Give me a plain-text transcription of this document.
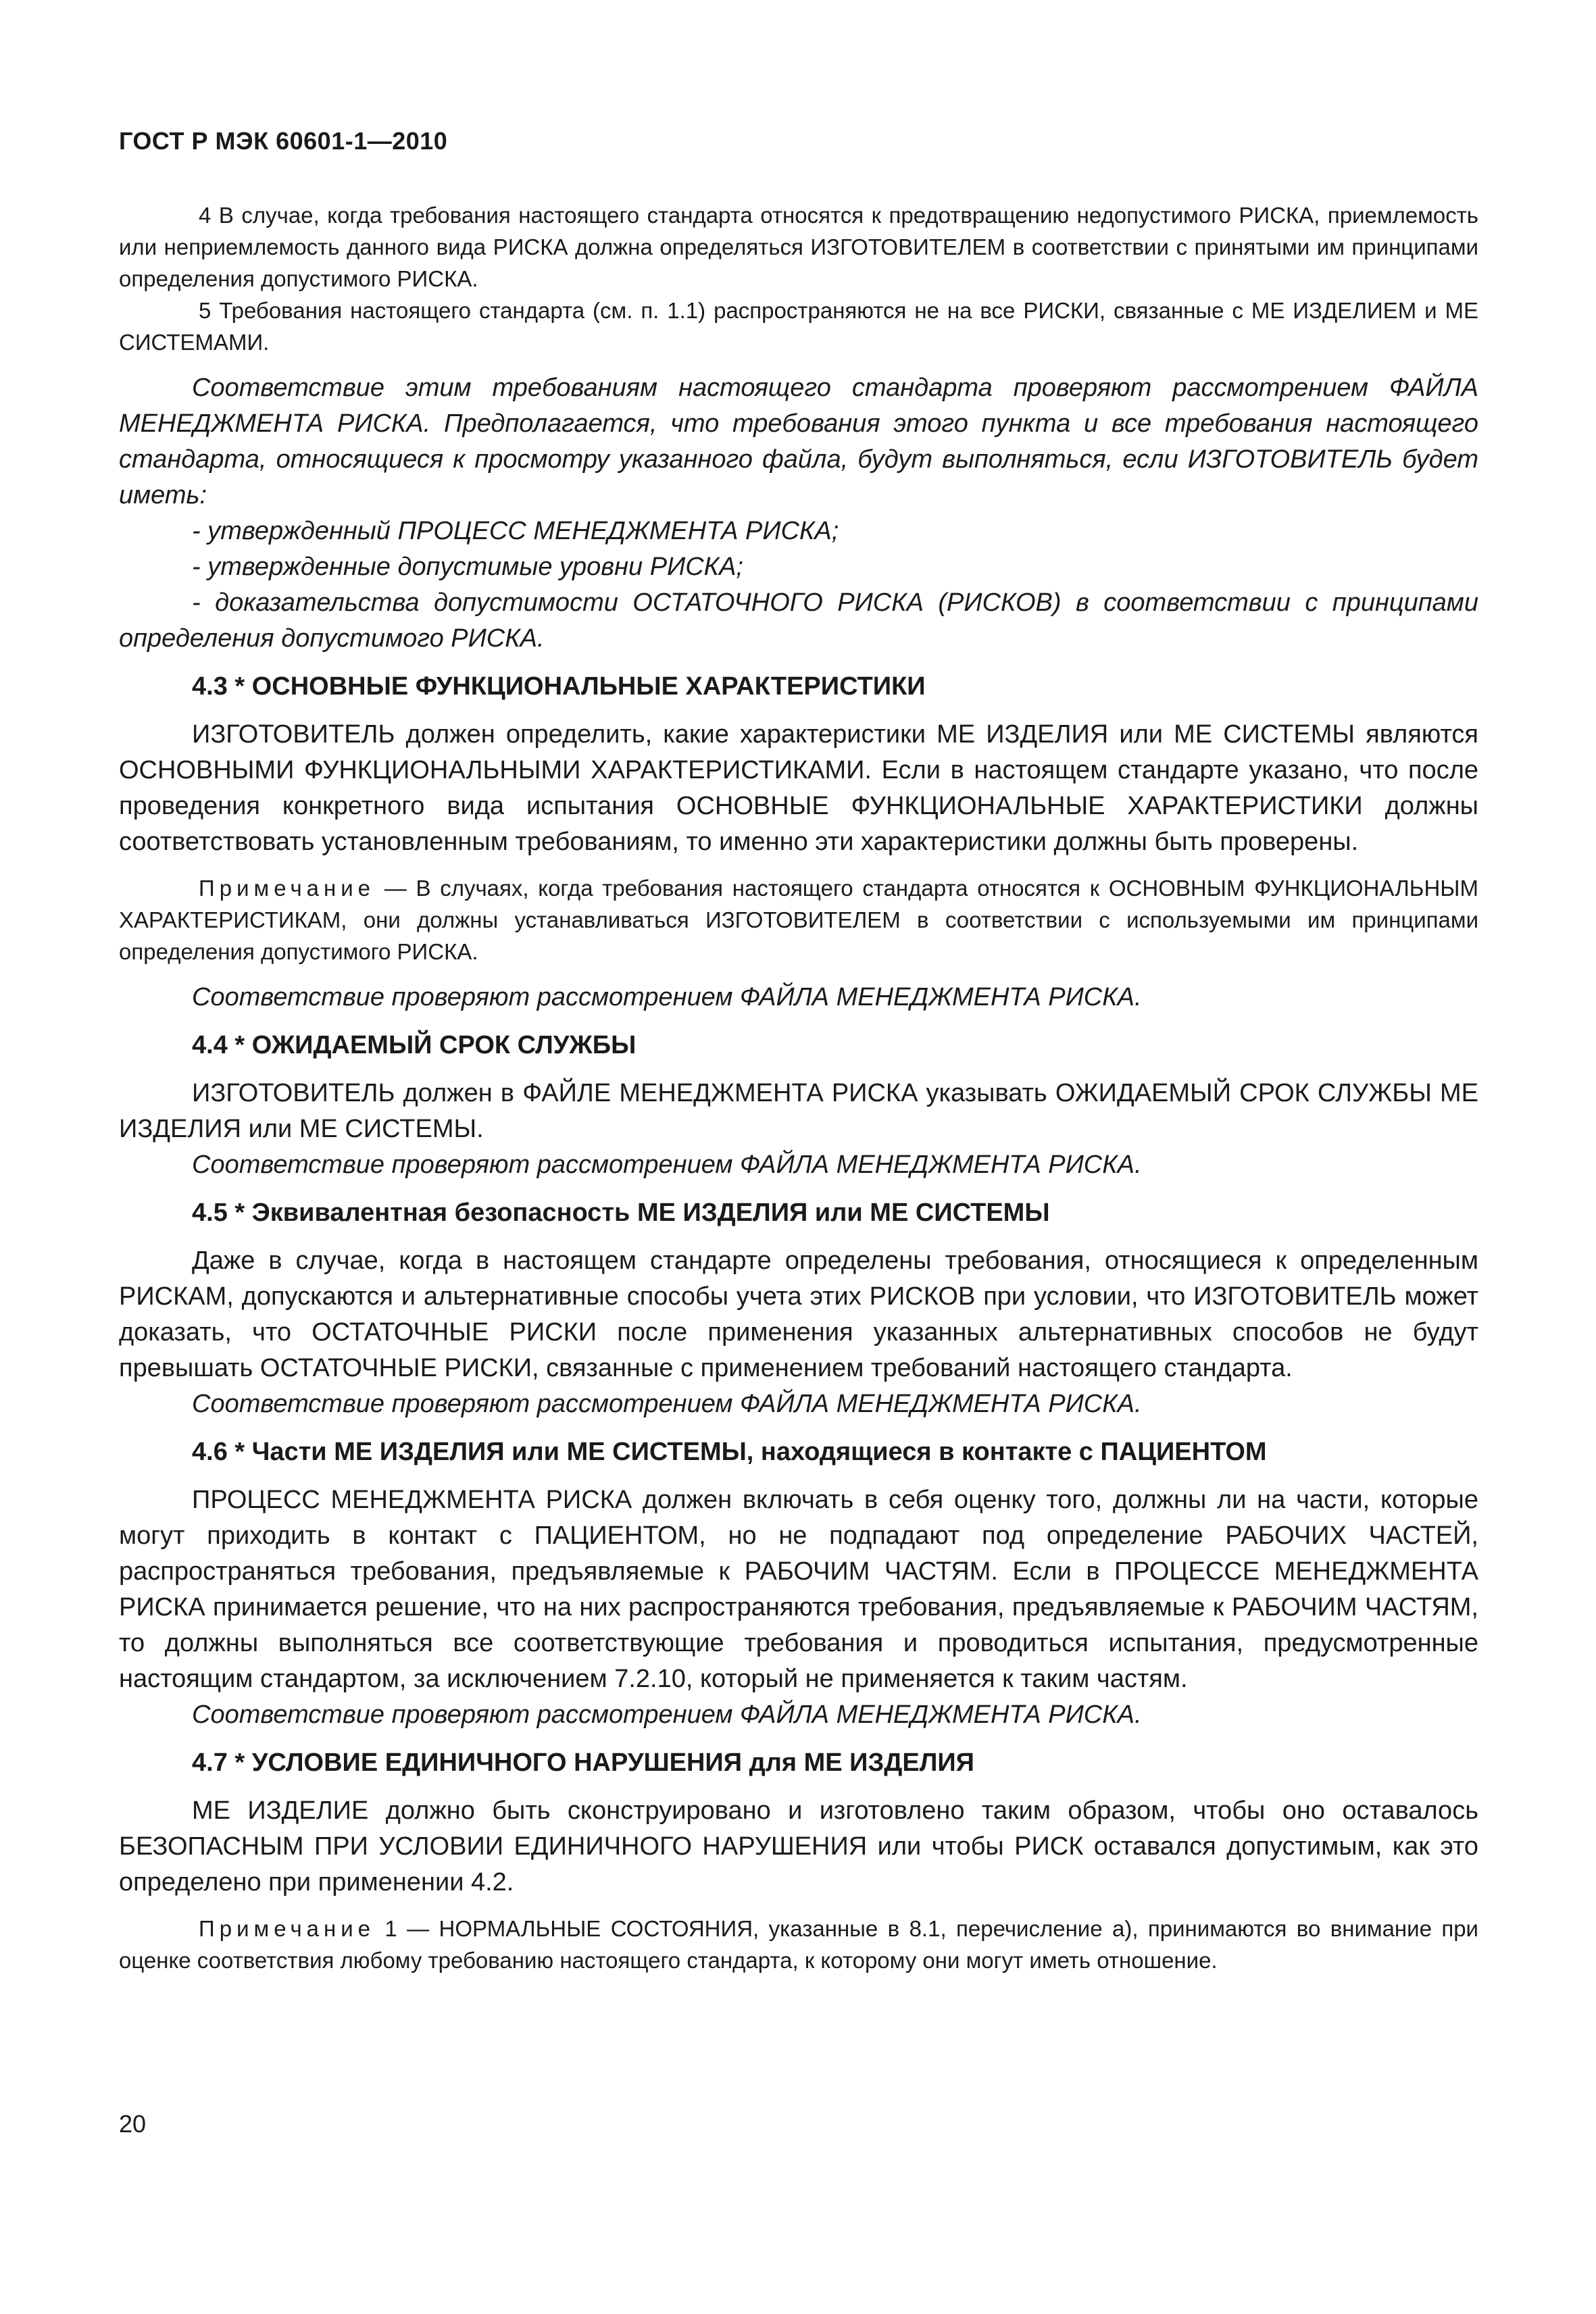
ГОСТ Р МЭК 60601-1—2010

4 В случае, когда требования настоящего стандарта относятся к предотвращению недопустимого РИСКА, приемлемость или неприемлемость данного вида РИСКА должна определяться ИЗГОТОВИТЕЛЕМ в соответствии с принятыми им принципами определения допустимого РИСКА.

5 Требования настоящего стандарта (см. п. 1.1) распространяются не на все РИСКИ, связанные с МЕ ИЗДЕЛИЕМ и МЕ СИСТЕМАМИ.

Соответствие этим требованиям настоящего стандарта проверяют рассмотрением ФАЙЛА МЕНЕДЖМЕНТА РИСКА. Предполагается, что требования этого пункта и все требования настоящего стандарта, относящиеся к просмотру указанного файла, будут выполняться, если ИЗГОТОВИТЕЛЬ будет иметь:

- утвержденный ПРОЦЕСС МЕНЕДЖМЕНТА РИСКА;

- утвержденные допустимые уровни РИСКА;

- доказательства допустимости ОСТАТОЧНОГО РИСКА (РИСКОВ) в соответствии с принципами определения допустимого РИСКА.

4.3 * ОСНОВНЫЕ ФУНКЦИОНАЛЬНЫЕ ХАРАКТЕРИСТИКИ

ИЗГОТОВИТЕЛЬ должен определить, какие характеристики МЕ ИЗДЕЛИЯ или МЕ СИСТЕМЫ являются ОСНОВНЫМИ ФУНКЦИОНАЛЬНЫМИ ХАРАКТЕРИСТИКАМИ. Если в настоящем стандарте указано, что после проведения конкретного вида испытания ОСНОВНЫЕ ФУНКЦИОНАЛЬНЫЕ ХАРАКТЕРИСТИКИ должны соответствовать установленным требованиям, то именно эти характеристики должны быть проверены.

Примечание — В случаях, когда требования настоящего стандарта относятся к ОСНОВНЫМ ФУНКЦИОНАЛЬНЫМ ХАРАКТЕРИСТИКАМ, они должны устанавливаться ИЗГОТОВИТЕЛЕМ в соответствии с используемыми им принципами определения допустимого РИСКА.

Соответствие проверяют рассмотрением ФАЙЛА МЕНЕДЖМЕНТА РИСКА.

4.4 * ОЖИДАЕМЫЙ СРОК СЛУЖБЫ

ИЗГОТОВИТЕЛЬ должен в ФАЙЛЕ МЕНЕДЖМЕНТА РИСКА указывать ОЖИДАЕМЫЙ СРОК СЛУЖБЫ МЕ ИЗДЕЛИЯ или МЕ СИСТЕМЫ.

Соответствие проверяют рассмотрением ФАЙЛА МЕНЕДЖМЕНТА РИСКА.

4.5 * Эквивалентная безопасность МЕ ИЗДЕЛИЯ или МЕ СИСТЕМЫ

Даже в случае, когда в настоящем стандарте определены требования, относящиеся к определенным РИСКАМ, допускаются и альтернативные способы учета этих РИСКОВ при условии, что ИЗГОТОВИТЕЛЬ может доказать, что ОСТАТОЧНЫЕ РИСКИ после применения указанных альтернативных способов не будут превышать ОСТАТОЧНЫЕ РИСКИ, связанные с применением требований настоящего стандарта.

Соответствие проверяют рассмотрением ФАЙЛА МЕНЕДЖМЕНТА РИСКА.

4.6 * Части МЕ ИЗДЕЛИЯ или МЕ СИСТЕМЫ, находящиеся в контакте с ПАЦИЕНТОМ

ПРОЦЕСС МЕНЕДЖМЕНТА РИСКА должен включать в себя оценку того, должны ли на части, которые могут приходить в контакт с ПАЦИЕНТОМ, но не подпадают под определение РАБОЧИХ ЧАСТЕЙ, распространяться требования, предъявляемые к РАБОЧИМ ЧАСТЯМ. Если в ПРОЦЕССЕ МЕНЕДЖМЕНТА РИСКА принимается решение, что на них распространяются требования, предъявляемые к РАБОЧИМ ЧАСТЯМ, то должны выполняться все соответствующие требования и проводиться испытания, предусмотренные настоящим стандартом, за исключением 7.2.10, который не применяется к таким частям.

Соответствие проверяют рассмотрением ФАЙЛА МЕНЕДЖМЕНТА РИСКА.

4.7 * УСЛОВИЕ ЕДИНИЧНОГО НАРУШЕНИЯ для МЕ ИЗДЕЛИЯ

МЕ ИЗДЕЛИЕ должно быть сконструировано и изготовлено таким образом, чтобы оно оставалось БЕЗОПАСНЫМ ПРИ УСЛОВИИ ЕДИНИЧНОГО НАРУШЕНИЯ или чтобы РИСК оставался допустимым, как это определено при применении 4.2.

Примечание 1 — НОРМАЛЬНЫЕ СОСТОЯНИЯ, указанные в 8.1, перечисление а), принимаются во внимание при оценке соответствия любому требованию настоящего стандарта, к которому они могут иметь отношение.

20
